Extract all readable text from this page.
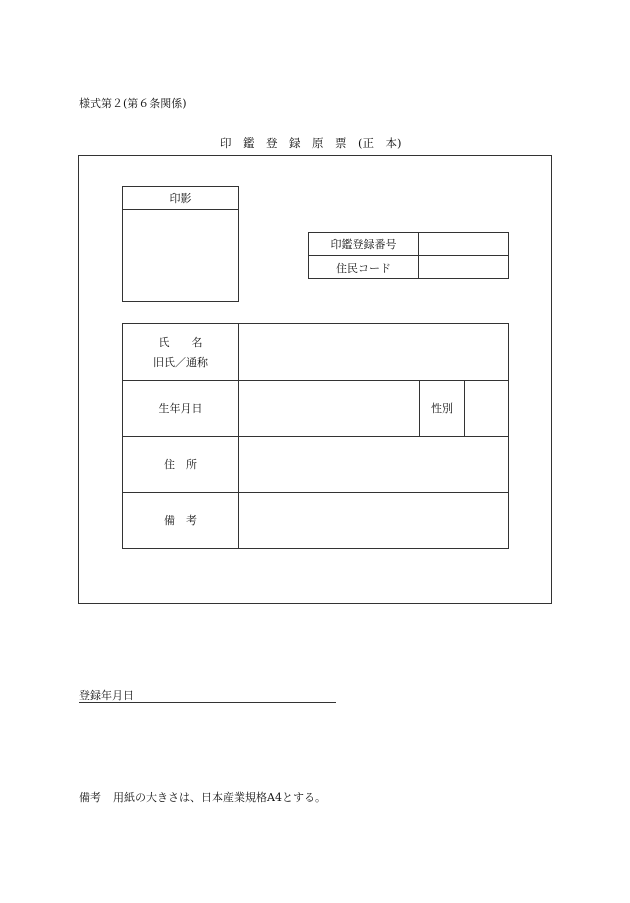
様式第２(第６条関係)
印　鑑　登　録　原　票　(正　本)
印影
印鑑登録番号
住民コード
氏　　名
旧氏／通称
生年月日	性別
住　所
備　考
登録年月日
備考 用紙の大きさは、日本産業規格A4とする。
